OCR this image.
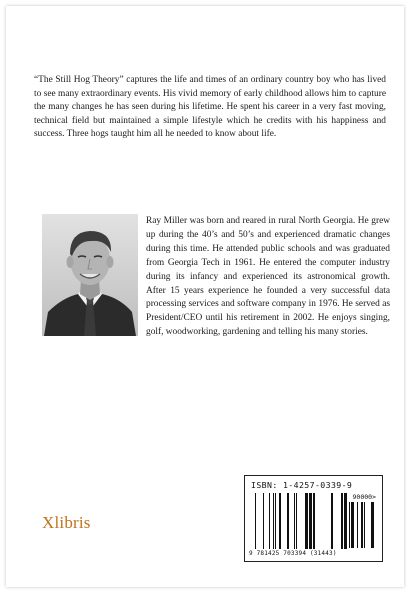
“The Still Hog Theory” captures the life and times of an ordinary country boy who has lived to see many extraordinary events. His vivid memory of early childhood allows him to capture the many changes he has seen during his lifetime. He spent his career in a very fast moving, technical field but maintained a simple lifestyle which he credits with his happiness and success. Three hogs taught him all he needed to know about life.

Ray Miller was born and reared in rural North Georgia. He grew up during the 40’s and 50’s and experienced dramatic changes during this time. He attended public schools and was graduated from Georgia Tech in 1961. He entered the computer industry during its infancy and experienced its astronomical growth. After 15 years experience he founded a very successful data processing services and software company in 1976. He served as President/CEO until his retirement in 2002. He enjoys singing, golf, woodworking, gardening and telling his many stories.

Xlibris
ISBN: 1-4257-0339-9
90000>
9 781425 703394 (31443)
